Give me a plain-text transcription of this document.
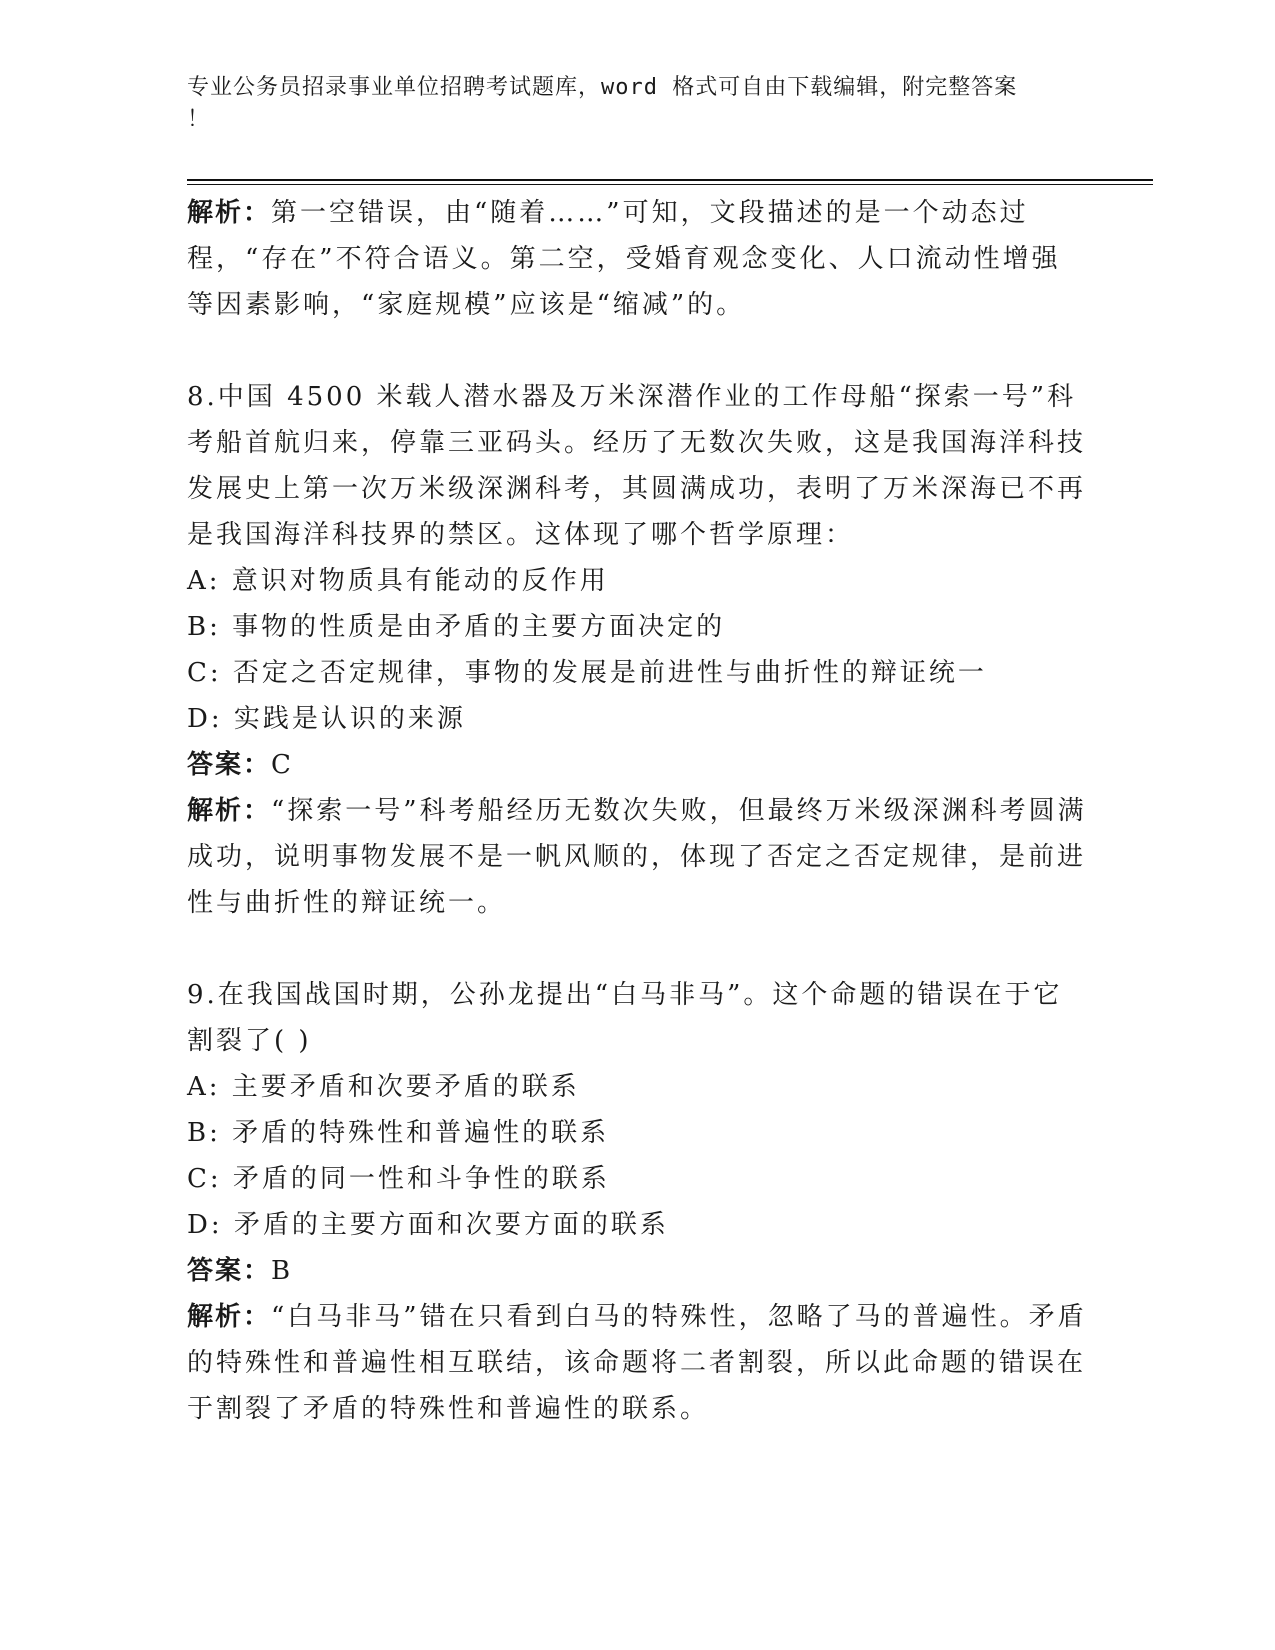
专业公务员招录事业单位招聘考试题库，word 格式可自由下载编辑，附完整答案
！

解析：第一空错误，由“随着……”可知，文段描述的是一个动态过程，“存在”不符合语义。第二空，受婚育观念变化、人口流动性增强等因素影响，“家庭规模”应该是“缩减”的。

8.中国 4500 米载人潜水器及万米深潜作业的工作母船“探索一号”科考船首航归来，停靠三亚码头。经历了无数次失败，这是我国海洋科技发展史上第一次万米级深渊科考，其圆满成功，表明了万米深海已不再是我国海洋科技界的禁区。这体现了哪个哲学原理：

A: 意识对物质具有能动的反作用

B: 事物的性质是由矛盾的主要方面决定的

C: 否定之否定规律，事物的发展是前进性与曲折性的辩证统一

D: 实践是认识的来源

答案：C

解析：“探索一号”科考船经历无数次失败，但最终万米级深渊科考圆满成功，说明事物发展不是一帆风顺的，体现了否定之否定规律，是前进性与曲折性的辩证统一。

9.在我国战国时期，公孙龙提出“白马非马”。这个命题的错误在于它割裂了( )

A: 主要矛盾和次要矛盾的联系

B: 矛盾的特殊性和普遍性的联系

C: 矛盾的同一性和斗争性的联系

D: 矛盾的主要方面和次要方面的联系

答案：B

解析：“白马非马”错在只看到白马的特殊性，忽略了马的普遍性。矛盾的特殊性和普遍性相互联结，该命题将二者割裂，所以此命题的错误在于割裂了矛盾的特殊性和普遍性的联系。
